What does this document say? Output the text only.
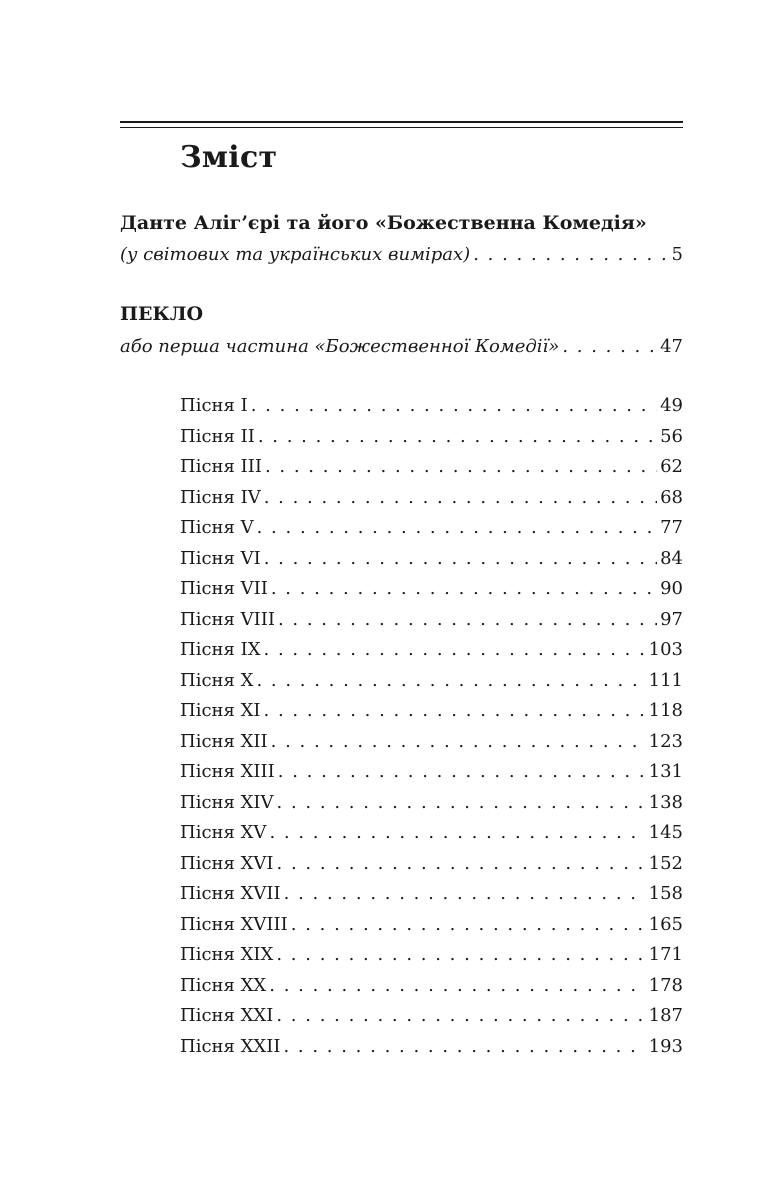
Зміст
Данте Аліг’єрі та його «Божественна Комедія»
(у світових та українських вимірах) . . .	5
ПЕКЛО
або перша частина «Божественної Комедії» . . .	47
Пісня I . . .	49
Пісня II . . .	56
Пісня III . . .	62
Пісня IV . . .	68
Пісня V . . .	77
Пісня VI . . .	84
Пісня VII . . .	90
Пісня VIII . . .	97
Пісня IX . . .	103
Пісня X . . .	111
Пісня XI . . .	118
Пісня XII . . .	123
Пісня XIII . . .	131
Пісня XIV . . .	138
Пісня XV . . .	145
Пісня XVI . . .	152
Пісня XVII . . .	158
Пісня XVIII . . .	165
Пісня XIX . . .	171
Пісня XX . . .	178
Пісня XXI . . .	187
Пісня XXII . . .	193
